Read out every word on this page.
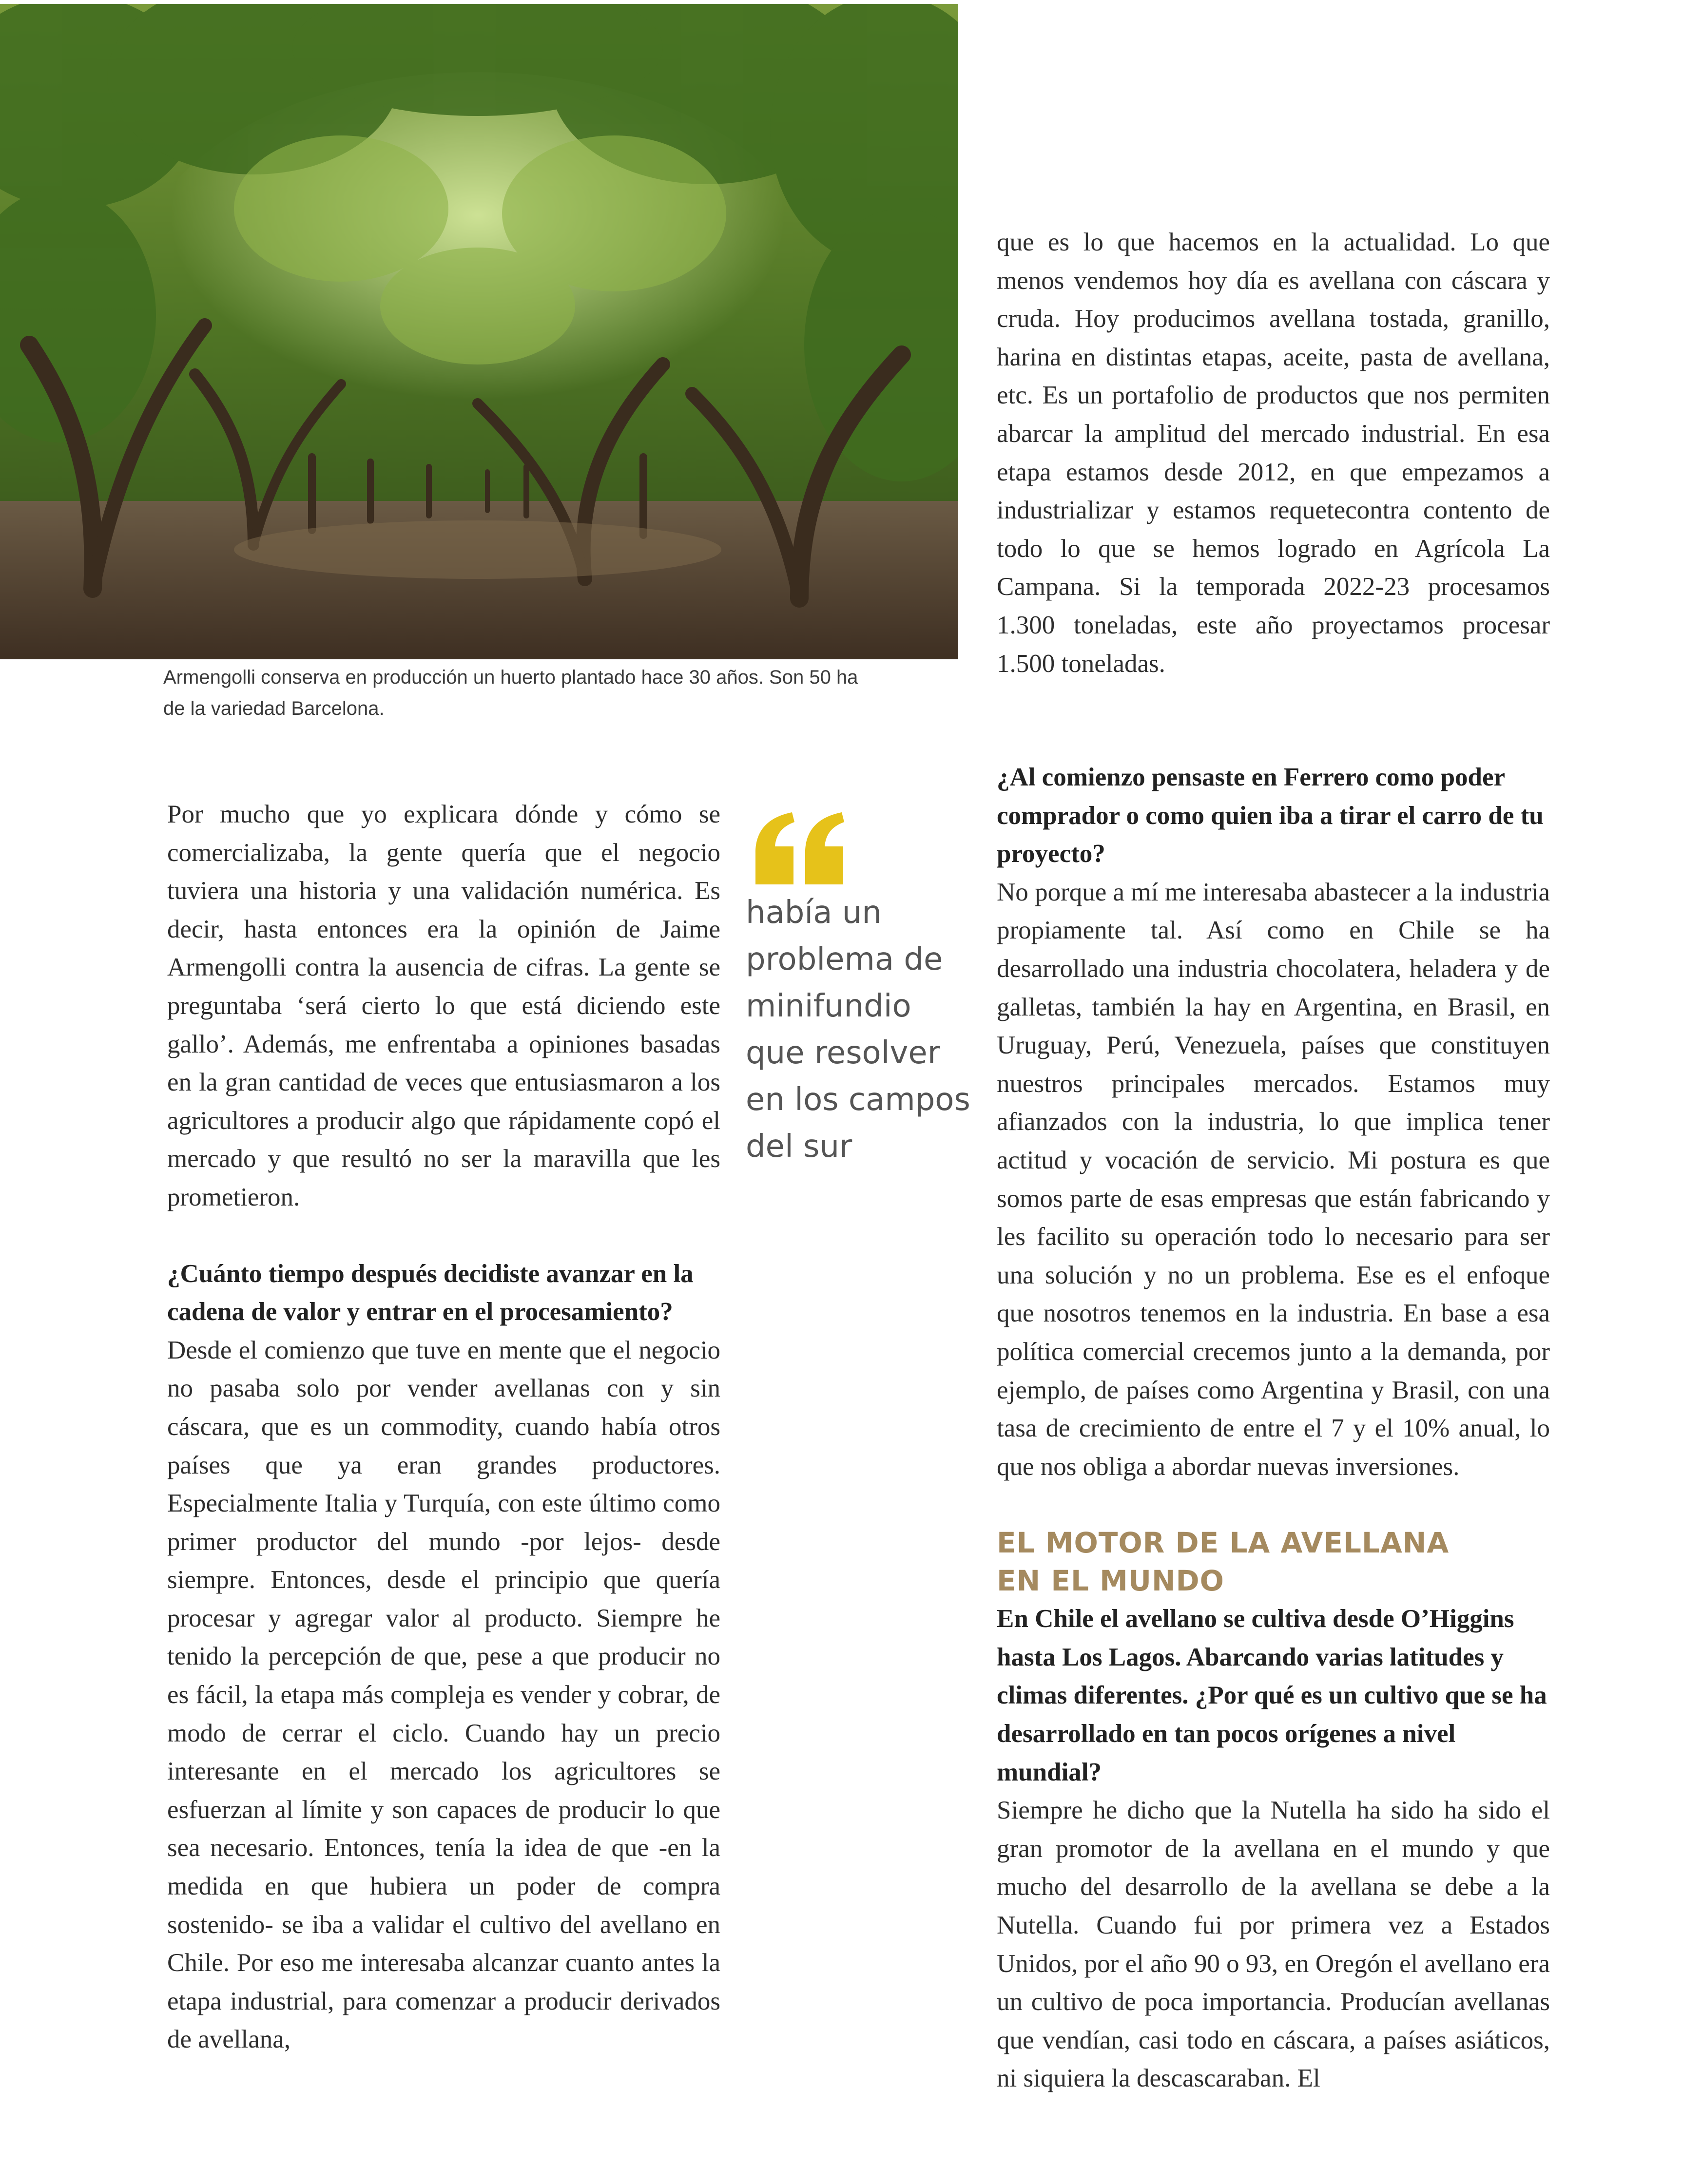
Armengolli conserva en producción un huerto plantado hace 30 años. Son 50 ha
de la variedad Barcelona.

que es lo que hacemos en la actualidad. Lo que menos vendemos hoy día es avellana con cáscara y cruda. Hoy producimos avellana tostada, granillo, harina en distintas etapas, aceite, pasta de avellana, etc. Es un portafolio de productos que nos permiten abarcar la amplitud del mercado industrial. En esa etapa estamos desde 2012, en que empezamos a industrializar y estamos requetecontra contento de todo lo que se hemos logrado en Agrícola La Campana. Si la temporada 2022-23 procesamos 1.300 toneladas, este año proyectamos procesar 1.500 toneladas.

Por mucho que yo explicara dónde y cómo se comercializaba, la gente quería que el negocio tuviera una historia y una validación numérica. Es decir, hasta entonces era la opinión de Jaime Armengolli contra la ausencia de cifras. La gente se preguntaba ‘será cierto lo que está diciendo este gallo’. Además, me enfrentaba a opiniones basadas en la gran cantidad de veces que entusiasmaron a los agricultores a producir algo que rápidamente copó el mercado y que resultó no ser la maravilla que les prometieron.

¿Cuánto tiempo después decidiste avanzar en la cadena de valor y entrar en el procesamiento?

Desde el comienzo que tuve en mente que el negocio no pasaba solo por vender avellanas con y sin cáscara, que es un commodity, cuando había otros países que ya eran grandes productores. Especialmente Italia y Turquía, con este último como primer productor del mundo -por lejos- desde siempre. Entonces, desde el principio que quería procesar y agregar valor al producto. Siempre he tenido la percepción de que, pese a que producir no es fácil, la etapa más compleja es vender y cobrar, de modo de cerrar el ciclo. Cuando hay un precio interesante en el mercado los agricultores se esfuerzan al límite y son capaces de producir lo que sea necesario. Entonces, tenía la idea de que -en la medida en que hubiera un poder de compra sostenido- se iba a validar el cultivo del avellano en Chile. Por eso me interesaba alcanzar cuanto antes la etapa industrial, para comenzar a producir derivados de avellana,

había un
problema de
minifundio
que resolver
en los campos
del sur

¿Al comienzo pensaste en Ferrero como poder comprador o como quien iba a tirar el carro de tu proyecto?

No porque a mí me interesaba abastecer a la industria propiamente tal. Así como en Chile se ha desarrollado una industria chocolatera, heladera y de galletas, también la hay en Argentina, en Brasil, en Uruguay, Perú, Venezuela, países que constituyen nuestros principales mercados. Estamos muy afianzados con la industria, lo que implica tener actitud y vocación de servicio. Mi postura es que somos parte de esas empresas que están fabricando y les facilito su operación todo lo necesario para ser una solución y no un problema. Ese es el enfoque que nosotros tenemos en la industria. En base a esa política comercial crecemos junto a la demanda, por ejemplo, de países como Argentina y Brasil, con una tasa de crecimiento de entre el 7 y el 10% anual, lo que nos obliga a abordar nuevas inversiones.

EL MOTOR DE LA AVELLANA
EN EL MUNDO

En Chile el avellano se cultiva desde O’Higgins hasta Los Lagos. Abarcando varias latitudes y climas diferentes. ¿Por qué es un cultivo que se ha desarrollado en tan pocos orígenes a nivel mundial?

Siempre he dicho que la Nutella ha sido ha sido el gran promotor de la avellana en el mundo y que mucho del desarrollo de la avellana se debe a la Nutella. Cuando fui por primera vez a Estados Unidos, por el año 90 o 93, en Oregón el avellano era un cultivo de poca importancia. Producían avellanas que vendían, casi todo en cáscara, a países asiáticos, ni siquiera la descascaraban. El
